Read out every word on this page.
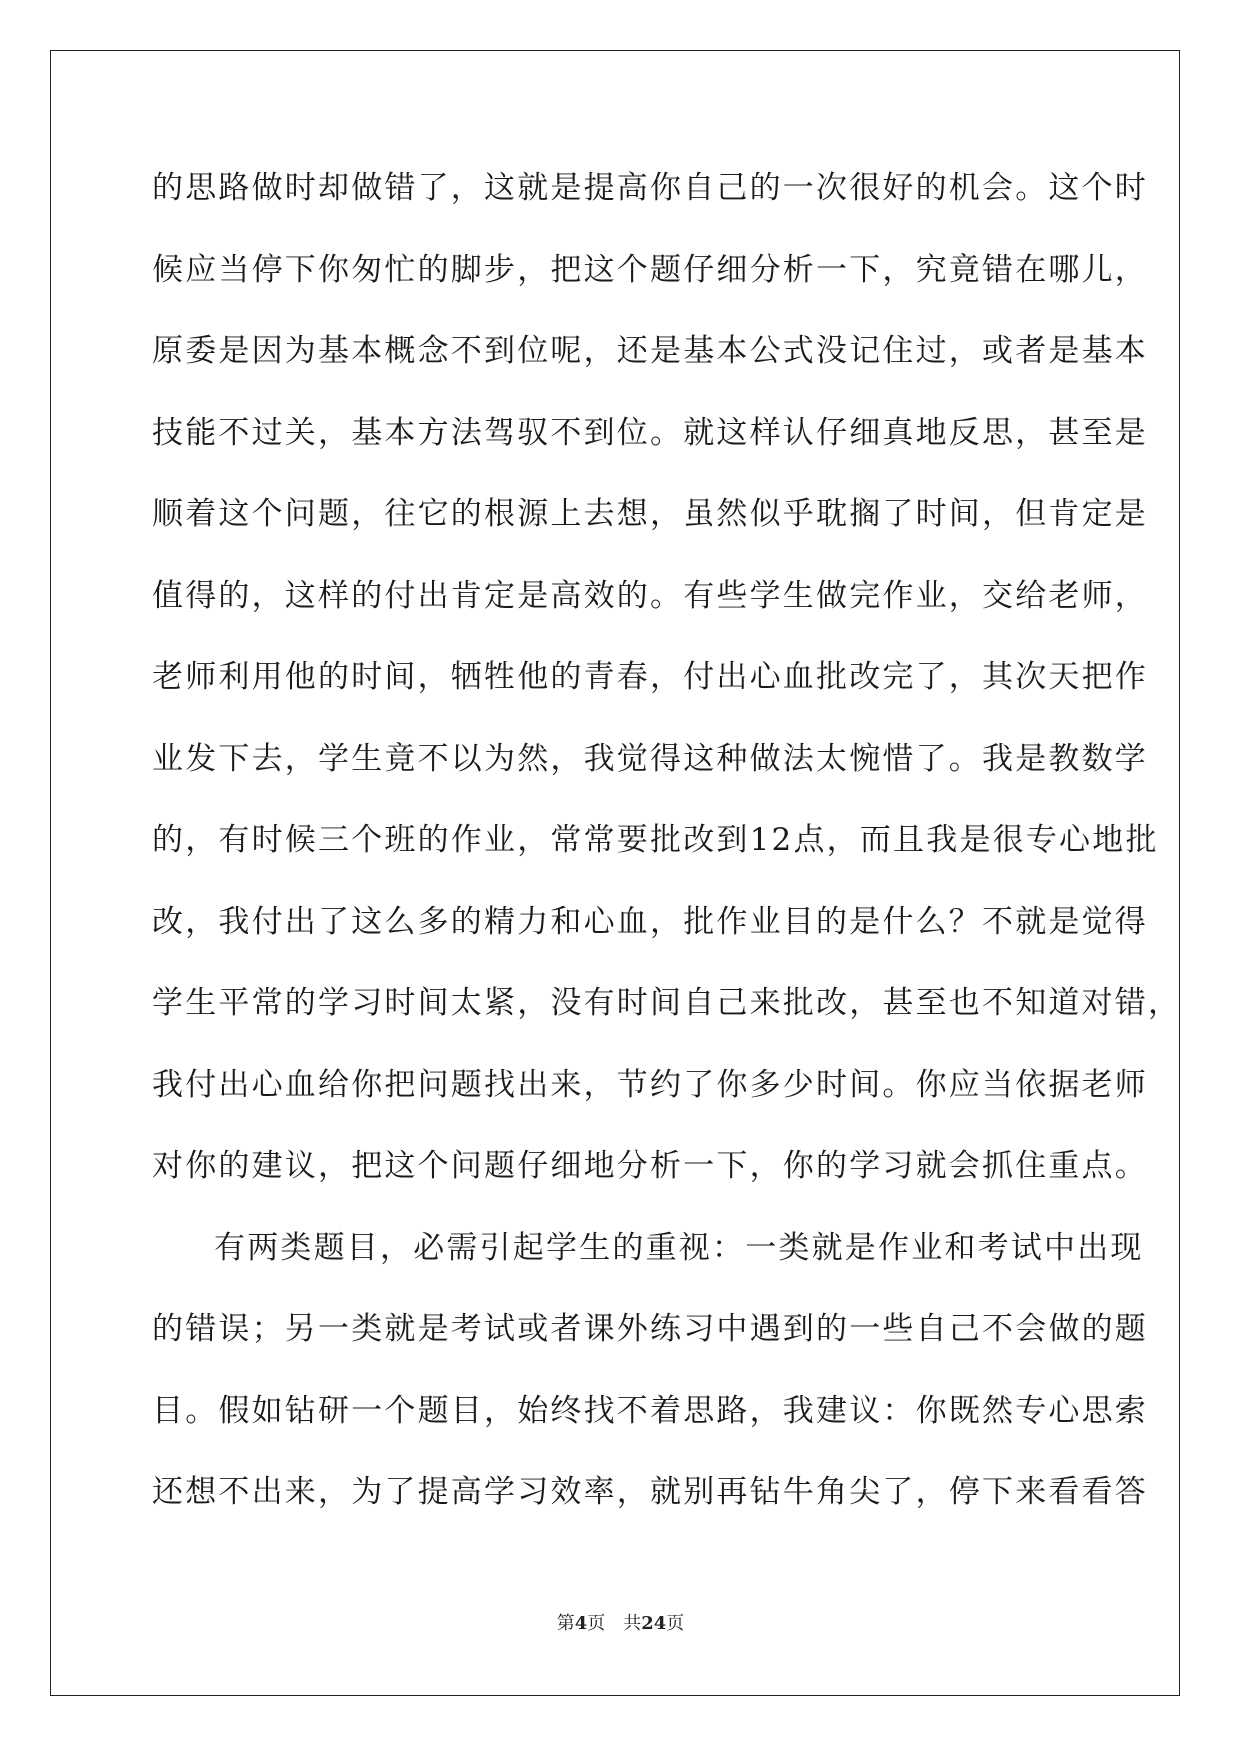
的思路做时却做错了，这就是提高你自己的一次很好的机会。这个时
候应当停下你匆忙的脚步，把这个题仔细分析一下，究竟错在哪儿，
原委是因为基本概念不到位呢，还是基本公式没记住过，或者是基本
技能不过关，基本方法驾驭不到位。就这样认仔细真地反思，甚至是
顺着这个问题，往它的根源上去想，虽然似乎耽搁了时间，但肯定是
值得的，这样的付出肯定是高效的。有些学生做完作业，交给老师，
老师利用他的时间，牺牲他的青春，付出心血批改完了，其次天把作
业发下去，学生竟不以为然，我觉得这种做法太惋惜了。我是教数学
的，有时候三个班的作业，常常要批改到12点，而且我是很专心地批
改，我付出了这么多的精力和心血，批作业目的是什么？不就是觉得
学生平常的学习时间太紧，没有时间自己来批改，甚至也不知道对错，
我付出心血给你把问题找出来，节约了你多少时间。你应当依据老师
对你的建议，把这个问题仔细地分析一下，你的学习就会抓住重点。
有两类题目，必需引起学生的重视：一类就是作业和考试中出现
的错误；另一类就是考试或者课外练习中遇到的一些自己不会做的题
目。假如钻研一个题目，始终找不着思路，我建议：你既然专心思索
还想不出来，为了提高学习效率，就别再钻牛角尖了，停下来看看答
第4页　共24页
